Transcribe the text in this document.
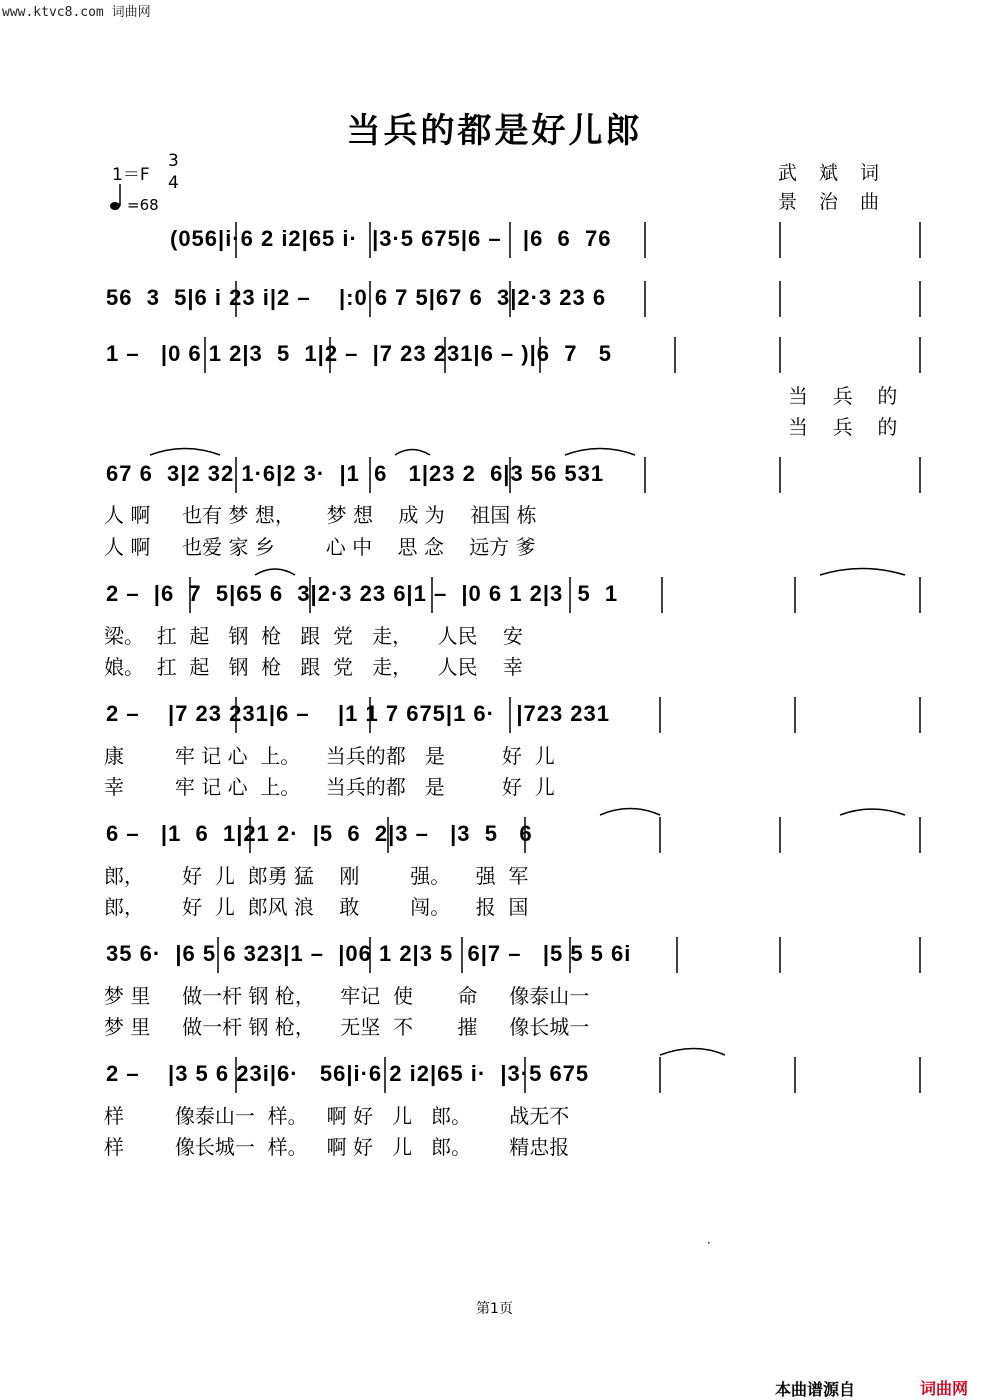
www.ktvc8.com 词曲网
当兵的都是好儿郎
1＝F
3
4
=68
武斌词
景治曲
(056|i·6 2 i2|65 i·  |3·5 675|6 –   |6  6  76
56  3  5|6 i 23 i|2 –    |:0 6 7 5|67 6  3|2·3 23 6
1 –   |0 6 1 2|3  5  1|2 –  |7 23 231|6 – )|6  7   5
67 6  3|2 32 1·6|2 3·  |1  6   1|23 2  6|3 56 531
2 –  |6  7  5|65 6  3|2·3 23 6|1 –  |0 6 1 2|3  5  1
2 –    |7 23 231|6 –    |1 1 7 675|1 6·   |723 231
6 –   |1  6  1|21 2·  |5  6  2|3 –   |3  5   6
35 6·  |6 5 6 323|1 –  |06 1 2|3 5  6|7 –   |5 5 5 6i
2 –    |3 5 6 23i|6·   56|i·6 2 i2|65 i·  |3·5 675
当  兵  的
当  兵  的
人 啊     也有 梦 想，     梦 想    成 为    祖国 栋
人 啊     也爱 家 乡        心 中    思 念    远方 爹
梁。  扛  起   钢  枪   跟  党   走，    人民    安
娘。  扛  起   钢  枪   跟  党   走，    人民    幸
康        牢 记 心  上。    当兵的都   是         好  儿
幸        牢 记 心  上。    当兵的都   是         好  儿
郎，      好  儿  郎勇 猛    刚        强。    强  军
郎，      好  儿  郎风 浪    敢        闯。    报  国
梦 里     做一杆 钢 枪，    牢记  使       命     像泰山一
梦 里     做一杆 钢 枪，    无坚  不       摧     像长城一
样        像泰山一  样。   啊 好   儿   郎。      战无不
样        像长城一  样。   啊 好   儿   郎。      精忠报
·
第1页
本曲谱源自	词曲网
